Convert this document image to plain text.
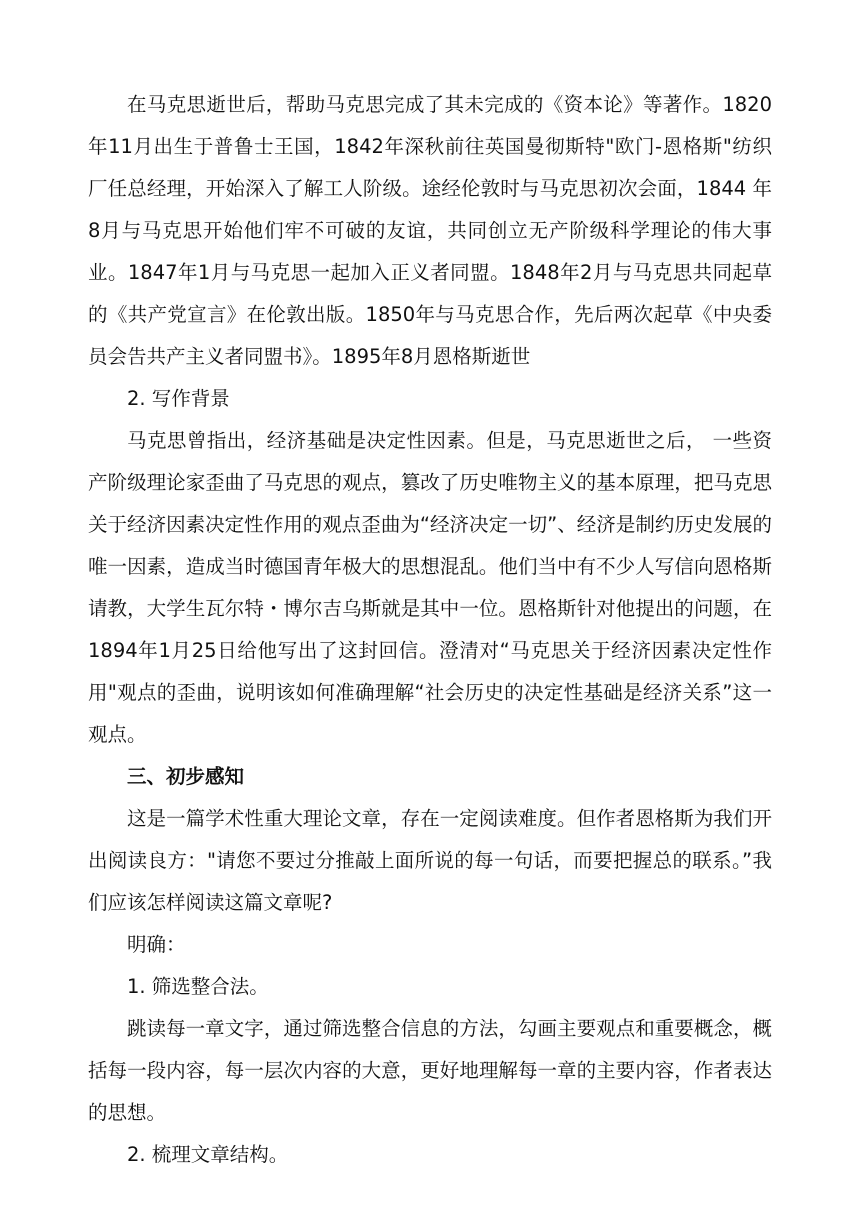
在马克思逝世后，帮助马克思完成了其未完成的《资本论》等著作。1820年11月出生于普鲁士王国，1842年深秋前往英国曼彻斯特"欧门-恩格斯"纺织厂任总经理，开始深入了解工人阶级。途经伦敦时与马克思初次会面，1844 年8月与马克思开始他们牢不可破的友谊，共同创立无产阶级科学理论的伟大事业。1847年1月与马克思一起加入正义者同盟。1848年2月与马克思共同起草的《共产党宣言》在伦敦出版。1850年与马克思合作，先后两次起草《中央委员会告共产主义者同盟书》。1895年8月恩格斯逝世

2. 写作背景

马克思曾指出，经济基础是决定性因素。但是，马克思逝世之后， 一些资产阶级理论家歪曲了马克思的观点，篡改了历史唯物主义的基本原理，把马克思关于经济因素决定性作用的观点歪曲为“经济决定一切”、经济是制约历史发展的唯一因素，造成当时德国青年极大的思想混乱。他们当中有不少人写信向恩格斯请教，大学生瓦尔特・博尔吉乌斯就是其中一位。恩格斯针对他提出的问题，在1894年1月25日给他写出了这封回信。澄清对“马克思关于经济因素决定性作用"观点的歪曲，说明该如何准确理解“社会历史的决定性基础是经济关系”这一观点。

三、初步感知

这是一篇学术性重大理论文章，存在一定阅读难度。但作者恩格斯为我们开出阅读良方："请您不要过分推敲上面所说的每一句话，而要把握总的联系。”我们应该怎样阅读这篇文章呢?

明确：

1. 筛选整合法。

跳读每一章文字，通过筛选整合信息的方法，勾画主要观点和重要概念，概括每一段内容，每一层次内容的大意，更好地理解每一章的主要内容，作者表达的思想。

2. 梳理文章结构。
